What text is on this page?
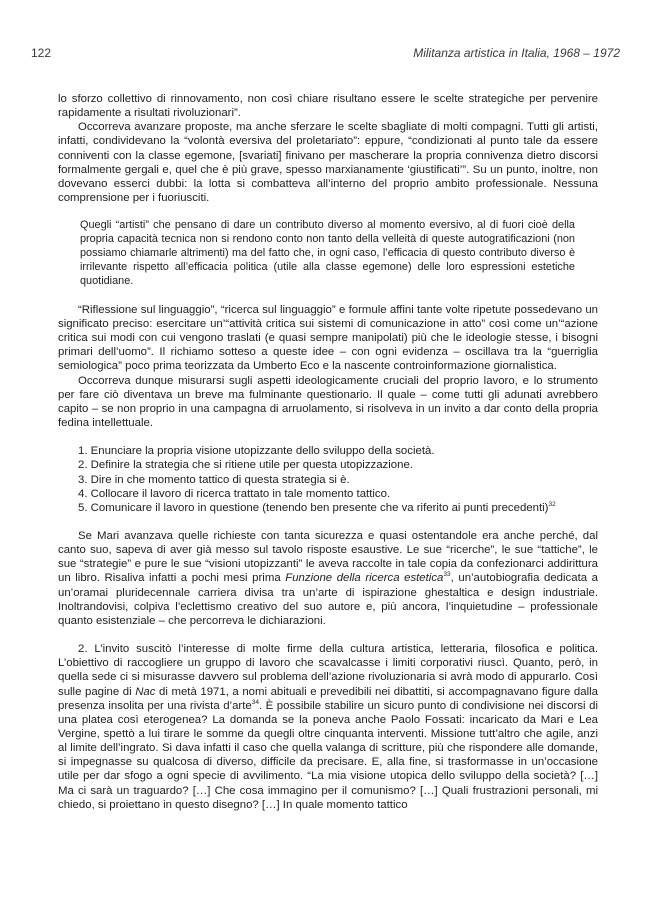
122	Militanza artistica in Italia, 1968 – 1972

lo sforzo collettivo di rinnovamento, non così chiare risultano essere le scelte strategiche per pervenire rapidamente a risultati rivoluzionari”.

Occorreva avanzare proposte, ma anche sferzare le scelte sbagliate di molti compagni. Tutti gli artisti, infatti, condividevano la “volontà eversiva del proletariato”: eppure, “condizionati al punto tale da essere conniventi con la classe egemone, [svariati] finivano per mascherare la propria connivenza dietro discorsi formalmente gergali e, quel che è più grave, spesso marxianamente ‘giustificati’”. Su un punto, inoltre, non dovevano esserci dubbi: la lotta si combatteva all’interno del proprio ambito professionale. Nessuna comprensione per i fuoriusciti.

Quegli “artisti” che pensano di dare un contributo diverso al momento eversivo, al di fuori cioè della propria capacità tecnica non si rendono conto non tanto della velleità di queste autogratificazioni (non possiamo chiamarle altrimenti) ma del fatto che, in ogni caso, l’efficacia di questo contributo diverso è irrilevante rispetto all’efficacia politica (utile alla classe egemone) delle loro espressioni estetiche quotidiane.

“Riflessione sul linguaggio”, “ricerca sul linguaggio” e formule affini tante volte ripetute possedevano un significato preciso: esercitare un’“attività critica sui sistemi di comunicazione in atto” così come un’“azione critica sui modi con cui vengono traslati (e quasi sempre manipolati) più che le ideologie stesse, i bisogni primari dell’uomo”. Il richiamo sotteso a queste idee – con ogni evidenza – oscillava tra la “guerriglia semiologica” poco prima teorizzata da Umberto Eco e la nascente controinformazione giornalistica.

Occorreva dunque misurarsi sugli aspetti ideologicamente cruciali del proprio lavoro, e lo strumento per fare ciò diventava un breve ma fulminante questionario. Il quale – come tutti gli adunati avrebbero capito – se non proprio in una campagna di arruolamento, si risolveva in un invito a dar conto della propria fedina intellettuale.

1. Enunciare la propria visione utopizzante dello sviluppo della società.
2. Definire la strategia che si ritiene utile per questa utopizzazione.
3. Dire in che momento tattico di questa strategia si è.
4. Collocare il lavoro di ricerca trattato in tale momento tattico.
5. Comunicare il lavoro in questione (tenendo ben presente che va riferito ai punti precedenti)$^{32}$

Se Mari avanzava quelle richieste con tanta sicurezza e quasi ostentandole era anche perché, dal canto suo, sapeva di aver già messo sul tavolo risposte esaustive. Le sue “ricerche”, le sue “tattiche”, le sue “strategie” e pure le sue “visioni utopizzanti” le aveva raccolte in tale copia da confezionarci addirittura un libro. Risaliva infatti a pochi mesi prima Funzione della ricerca estetica$^{33}$, un’autobiografia dedicata a un’oramai pluridecennale carriera divisa tra un’arte di ispirazione ghestaltica e design industriale. Inoltrandovisi, colpiva l’eclettismo creativo del suo autore e, più ancora, l’inquietudine – professionale quanto esistenziale – che percorreva le dichiarazioni.

2. L’invito suscitò l’interesse di molte firme della cultura artistica, letteraria, filosofica e politica. L’obiettivo di raccogliere un gruppo di lavoro che scavalcasse i limiti corporativi riuscì. Quanto, però, in quella sede ci si misurasse davvero sul problema dell’azione rivoluzionaria si avrà modo di appurarlo. Così sulle pagine di Nac di metà 1971, a nomi abituali e prevedibili nei dibattiti, si accompagnavano figure dalla presenza insolita per una rivista d’arte$^{34}$. È possibile stabilire un sicuro punto di condivisione nei discorsi di una platea così eterogenea? La domanda se la poneva anche Paolo Fossati: incaricato da Mari e Lea Vergine, spettò a lui tirare le somme da quegli oltre cinquanta interventi. Missione tutt’altro che agile, anzi al limite dell’ingrato. Si dava infatti il caso che quella valanga di scritture, più che rispondere alle domande, si impegnasse su qualcosa di diverso, difficile da precisare. E, alla fine, si trasformasse in un’occasione utile per dar sfogo a ogni specie di avvilimento. “La mia visione utopica dello sviluppo della società? […] Ma ci sarà un traguardo? […] Che cosa immagino per il comunismo? […] Quali frustrazioni personali, mi chiedo, si proiettano in questo disegno? […] In quale momento tattico
